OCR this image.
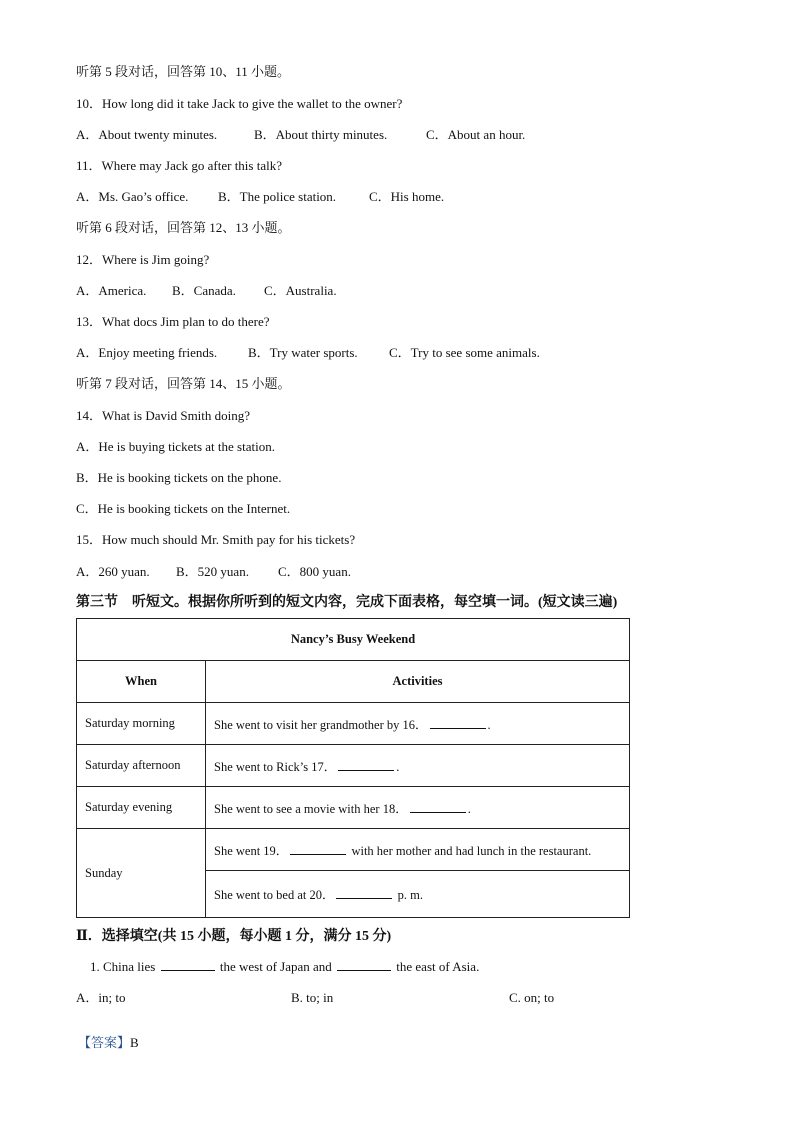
听第 5 段对话，回答第 10、11 小题。
10．How long did it take Jack to give the wallet to the owner?
A．About twenty minutes.	B．About thirty minutes.	C．About an hour.
11．Where may Jack go after this talk?
A．Ms. Gao’s office. B．The police station.	C．His home.
听第 6 段对话，回答第 12、13 小题。
12．Where is Jim going?
A．America. B．Canada. C．Australia.
13．What docs Jim plan to do there?
A．Enjoy meeting friends. B．Try water sports. C．Try to see some animals.
听第 7 段对话，回答第 14、15 小题。
14．What is David Smith doing?
A．He is buying tickets at the station.
B．He is booking tickets on the phone.
C．He is booking tickets on the Internet.
15．How much should Mr. Smith pay for his tickets?
A．260 yuan. B．520 yuan. C．800 yuan.
第三节　听短文。根据你所听到的短文内容，完成下面表格，每空填一词。(短文读三遍)
Nancy’s Busy Weekend	
When	Activities
Saturday morning	She went to visit her grandmother by 16． .
Saturday afternoon	She went to Rick’s 17． .
Saturday evening	She went to see a movie with her 18． .
Sunday	She went 19． with her mother and had lunch in the restaurant.
	She went to bed at 20． p. m.
Ⅱ．选择填空(共 15 小题，每小题 1 分，满分 15 分)
1. China lies	the west of Japan and	the east of Asia.
A．in; to	B. to; in	C. on; to
【答案】B
